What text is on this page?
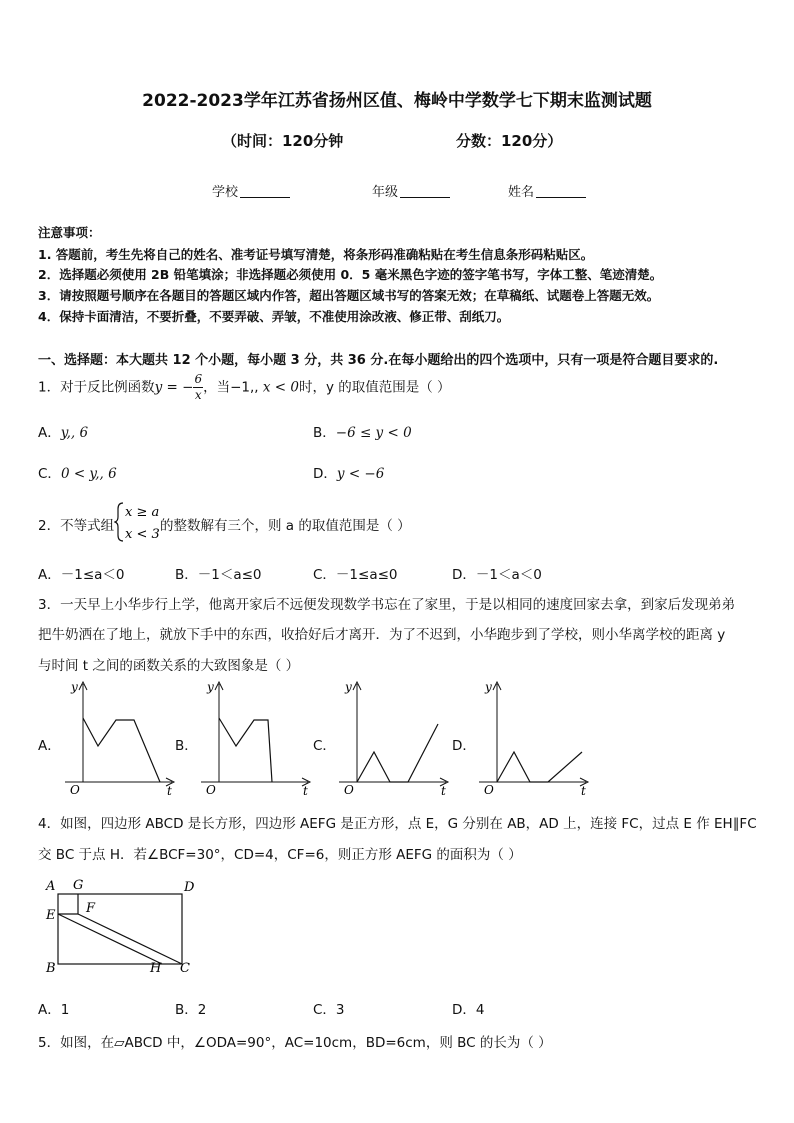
2022-2023学年江苏省扬州区值、梅岭中学数学七下期末监测试题
（时间：120分钟	分数：120分）
学校	年级	姓名
注意事项：
1. 答题前，考生先将自己的姓名、准考证号填写清楚，将条形码准确粘贴在考生信息条形码粘贴区。
2．选择题必须使用 2B 铅笔填涂；非选择题必须使用 0．5 毫米黑色字迹的签字笔书写，字体工整、笔迹清楚。
3．请按照题号顺序在各题目的答题区域内作答，超出答题区域书写的答案无效；在草稿纸、试题卷上答题无效。
4．保持卡面清洁，不要折叠，不要弄破、弄皱，不准使用涂改液、修正带、刮纸刀。
一、选择题：本大题共 12 个小题，每小题 3 分，共 36 分.在每小题给出的四个选项中，只有一项是符合题目要求的.
1．对于反比例函数y = − $\frac{6}{x}$ ，当−1,, x < 0时，y 的取值范围是（ ）
A．y,, 6	B．−6 ≤ y < 0
C．0 < y,, 6	D．y < −6
2．不等式组
x ≥ a
x < 3
的整数解有三个，则 a 的取值范围是（ ）
A．－1≤a＜0	B．－1＜a≤0	C．－1≤a≤0	D．－1＜a＜0
3．一天早上小华步行上学，他离开家后不远便发现数学书忘在了家里，于是以相同的速度回家去拿，到家后发现弟弟
把牛奶洒在了地上，就放下手中的东西，收拾好后才离开．为了不迟到，小华跑步到了学校，则小华离学校的距离 y
与时间 t 之间的函数关系的大致图象是（ ）
A．	B．	C．	D．
y
t
O
y
t
O
y
t
O
y
t
O
4．如图，四边形 ABCD 是长方形，四边形 AEFG 是正方形，点 E，G 分别在 AB，AD 上，连接 FC，过点 E 作 EH∥FC
交 BC 于点 H．若∠BCF=30°，CD=4，CF=6，则正方形 AEFG 的面积为（ ）
A G	D
E F
B	H C
A．1	B．2	C．3	D．4
5．如图，在▱ABCD 中，∠ODA=90°，AC=10cm，BD=6cm，则 BC 的长为（ ）
